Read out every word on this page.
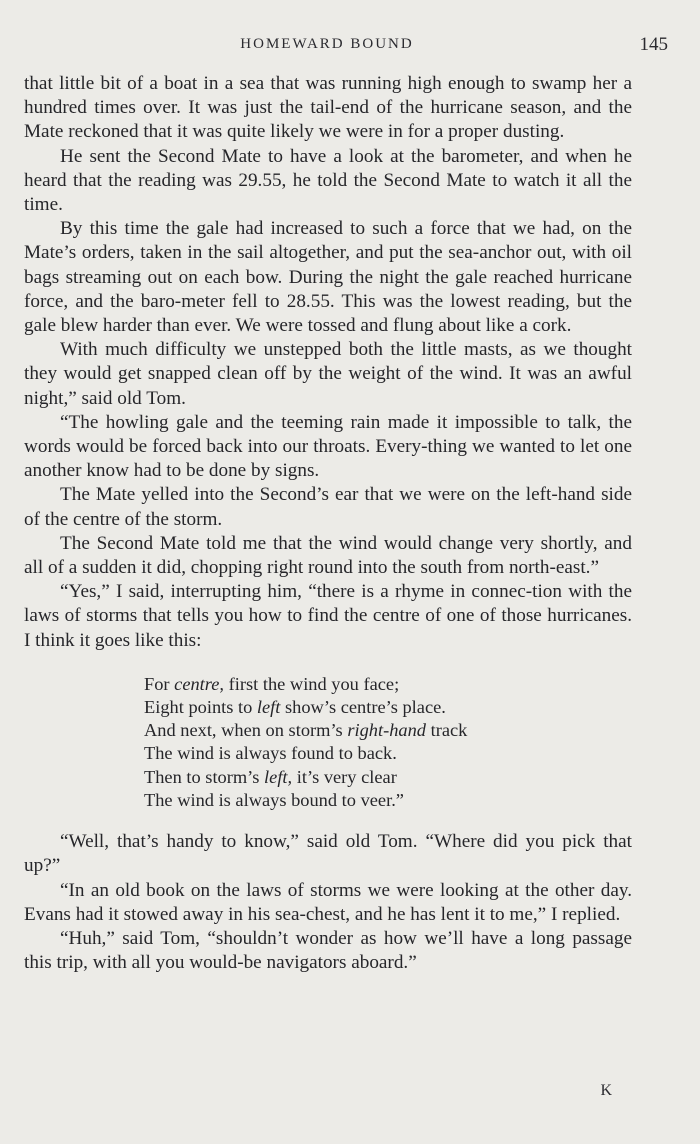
HOMEWARD BOUND	145

that little bit of a boat in a sea that was running high enough to swamp her a hundred times over. It was just the tail-end of the hurricane season, and the Mate reckoned that it was quite likely we were in for a proper dusting.

He sent the Second Mate to have a look at the barometer, and when he heard that the reading was 29.55, he told the Second Mate to watch it all the time.

By this time the gale had increased to such a force that we had, on the Mate’s orders, taken in the sail altogether, and put the sea-anchor out, with oil bags streaming out on each bow. During the night the gale reached hurricane force, and the baro-meter fell to 28.55. This was the lowest reading, but the gale blew harder than ever. We were tossed and flung about like a cork.

With much difficulty we unstepped both the little masts, as we thought they would get snapped clean off by the weight of the wind. It was an awful night,” said old Tom.

“The howling gale and the teeming rain made it impossible to talk, the words would be forced back into our throats. Every-thing we wanted to let one another know had to be done by signs.

The Mate yelled into the Second’s ear that we were on the left-hand side of the centre of the storm.

The Second Mate told me that the wind would change very shortly, and all of a sudden it did, chopping right round into the south from north-east.”

“Yes,” I said, interrupting him, “there is a rhyme in connec-tion with the laws of storms that tells you how to find the centre of one of those hurricanes. I think it goes like this:

For centre, first the wind you face;
Eight points to left show’s centre’s place.
And next, when on storm’s right-hand track
The wind is always found to back.
Then to storm’s left, it’s very clear
The wind is always bound to veer.”

“Well, that’s handy to know,” said old Tom. “Where did you pick that up?”

“In an old book on the laws of storms we were looking at the other day. Evans had it stowed away in his sea-chest, and he has lent it to me,” I replied.

“Huh,” said Tom, “shouldn’t wonder as how we’ll have a long passage this trip, with all you would-be navigators aboard.”

K
